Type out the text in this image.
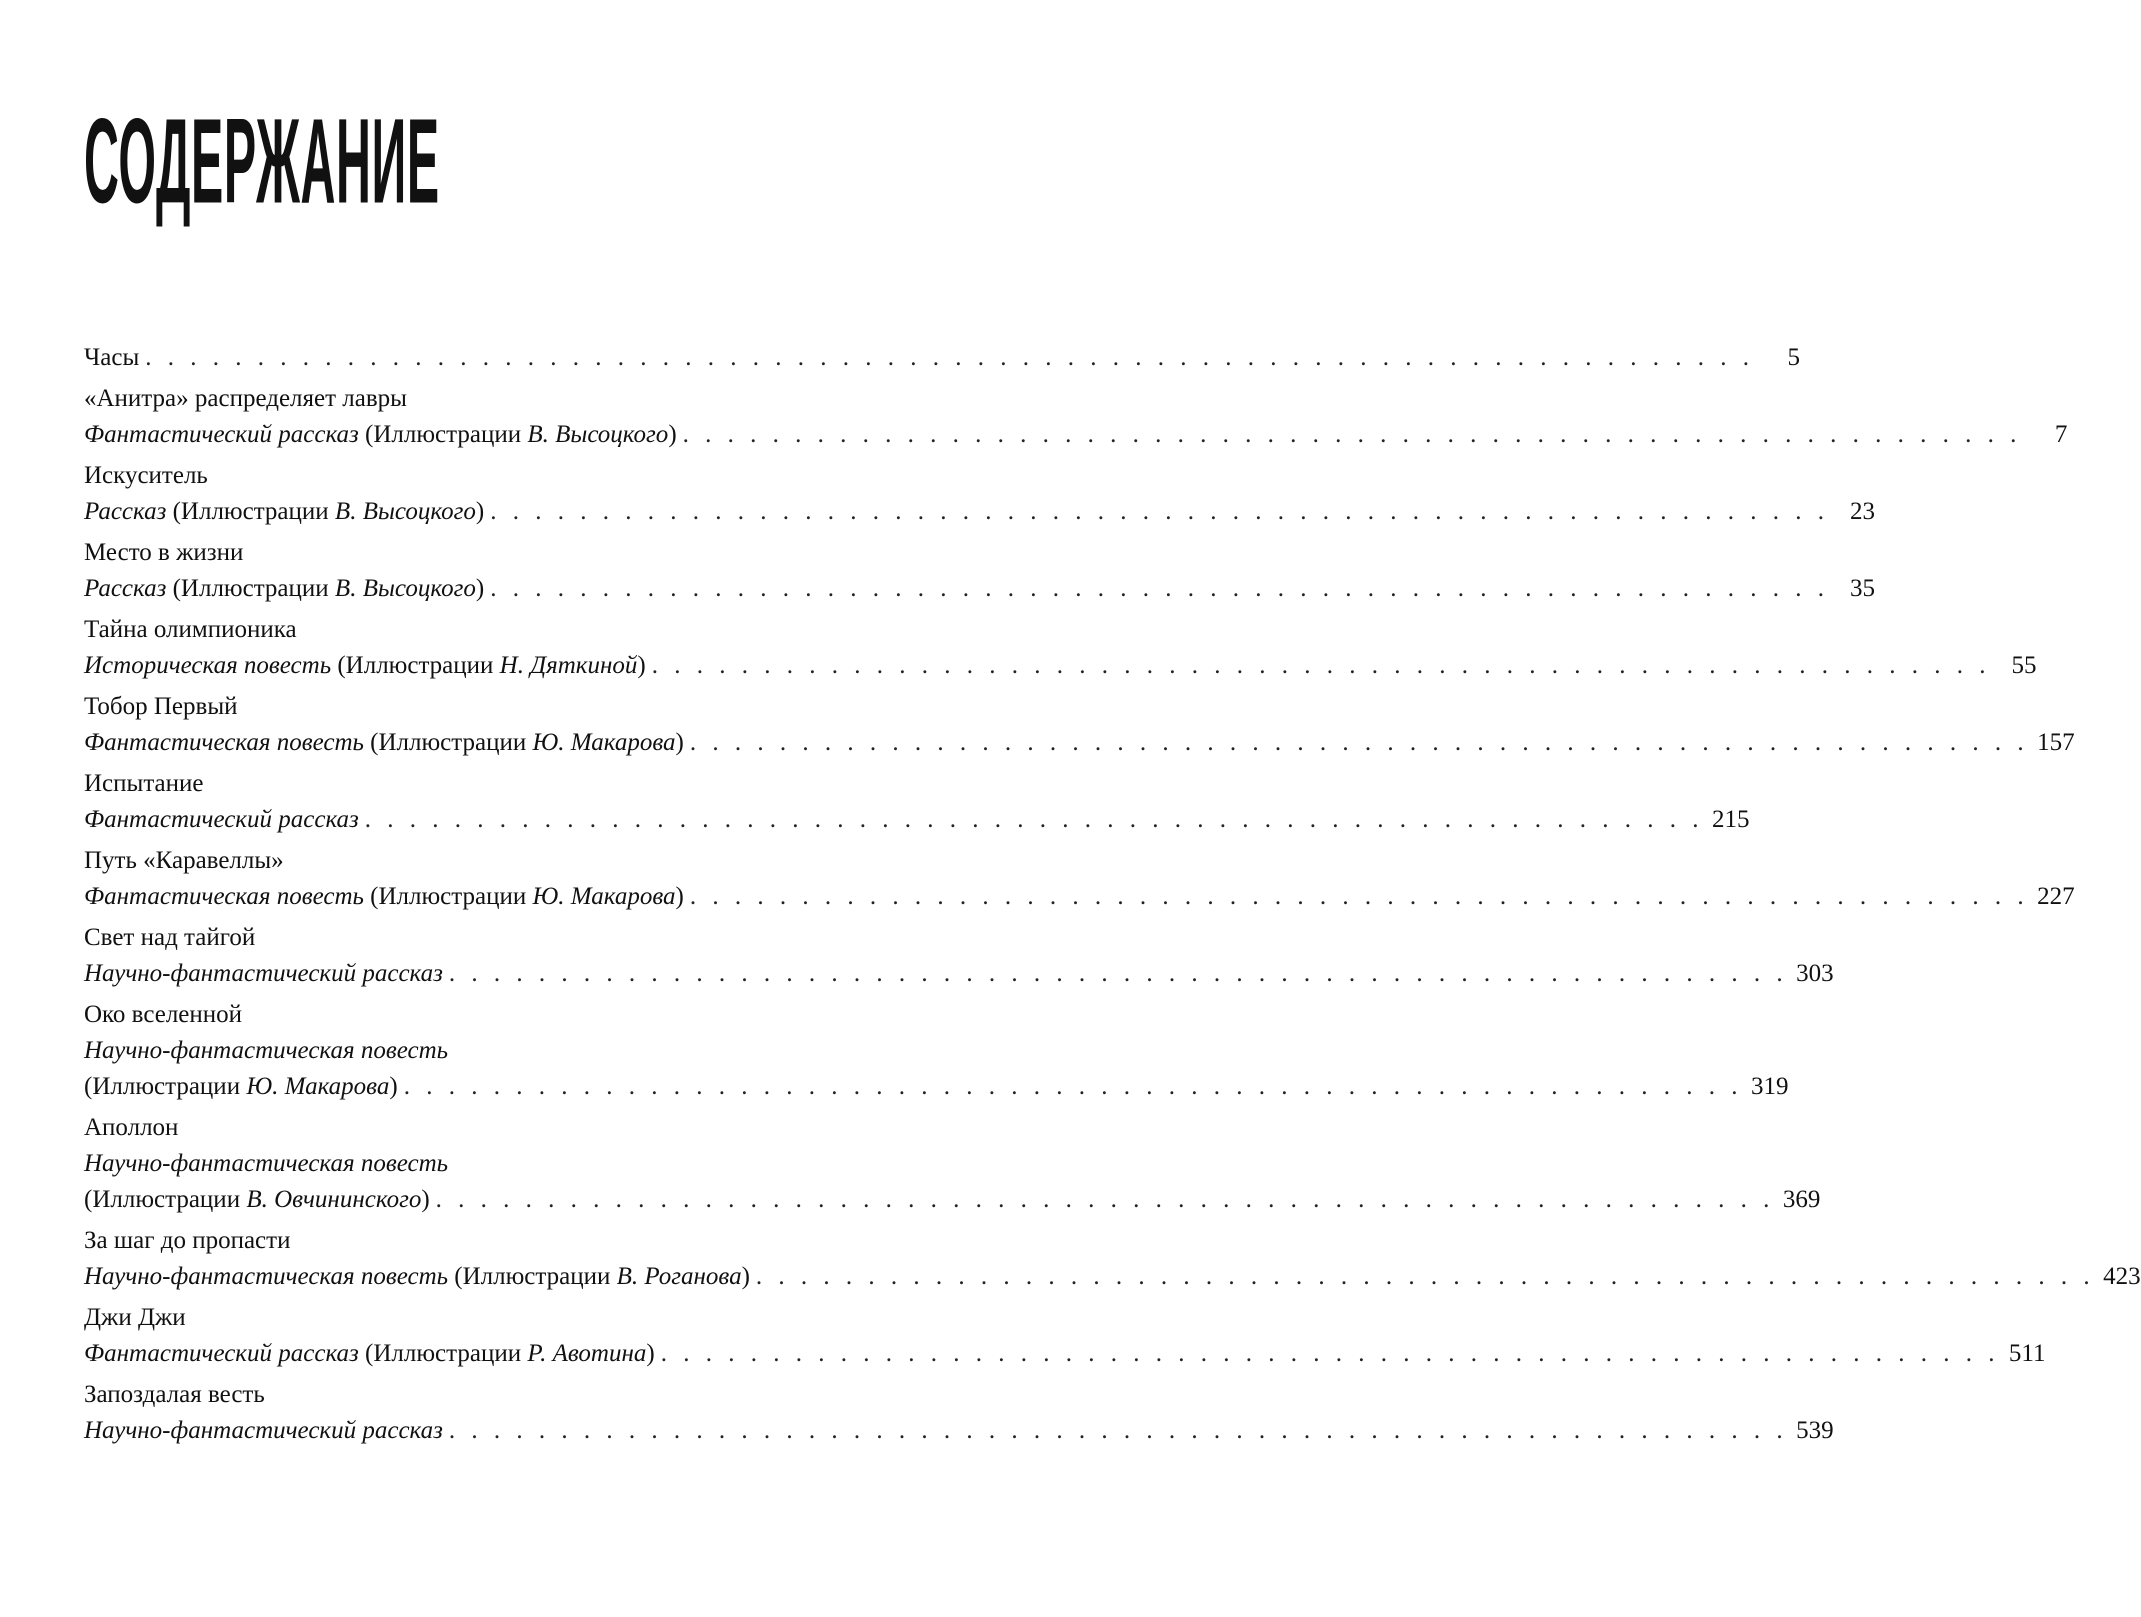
СОДЕРЖАНИЕ
Часы . . . . . . . . . . . . . . . . . . . . . . . . . . . . . . . . . . . . . . . . . . . . . . . . . . . . . . . . . . . . . . . . . . . . . . . .	5
«Анитра» распределяет лавры
Фантастический рассказ (Иллюстрации В. Высоцкого) . . . . . . . . . . . . . . . . . . . . . . . . . . . . . . . . . . . . . . . . . . . . . . . . . . . . . . . . . . . .	7
Искуситель
Рассказ (Иллюстрации В. Высоцкого) . . . . . . . . . . . . . . . . . . . . . . . . . . . . . . . . . . . . . . . . . . . . . . . . . . . . . . . . . . . . 23
Место в жизни
Рассказ (Иллюстрации В. Высоцкого) . . . . . . . . . . . . . . . . . . . . . . . . . . . . . . . . . . . . . . . . . . . . . . . . . . . . . . . . . . . . 35
Тайна олимпионика
Историческая повесть (Иллюстрации Н. Дяткиной) . . . . . . . . . . . . . . . . . . . . . . . . . . . . . . . . . . . . . . . . . . . . . . . . . . . . . . . . . . . . 55
Тобор Первый
Фантастическая повесть (Иллюстрации Ю. Макарова) . . . . . . . . . . . . . . . . . . . . . . . . . . . . . . . . . . . . . . . . . . . . . . . . . . . . . . . . . . . . 157
Испытание
Фантастический рассказ . . . . . . . . . . . . . . . . . . . . . . . . . . . . . . . . . . . . . . . . . . . . . . . . . . . . . . . . . . . . 215
Путь «Каравеллы»
Фантастическая повесть (Иллюстрации Ю. Макарова) . . . . . . . . . . . . . . . . . . . . . . . . . . . . . . . . . . . . . . . . . . . . . . . . . . . . . . . . . . . . 227
Свет над тайгой
Научно-фантастический рассказ . . . . . . . . . . . . . . . . . . . . . . . . . . . . . . . . . . . . . . . . . . . . . . . . . . . . . . . . . . . . 303
Око вселенной
Научно-фантастическая повесть
(Иллюстрации Ю. Макарова) . . . . . . . . . . . . . . . . . . . . . . . . . . . . . . . . . . . . . . . . . . . . . . . . . . . . . . . . . . . . 319
Аполлон
Научно-фантастическая повесть
(Иллюстрации В. Овчининского) . . . . . . . . . . . . . . . . . . . . . . . . . . . . . . . . . . . . . . . . . . . . . . . . . . . . . . . . . . . . 369
За шаг до пропасти
Научно-фантастическая повесть (Иллюстрации В. Роганова) . . . . . . . . . . . . . . . . . . . . . . . . . . . . . . . . . . . . . . . . . . . . . . . . . . . . . . . . . . . . 423
Джи Джи
Фантастический рассказ (Иллюстрации Р. Авотина) . . . . . . . . . . . . . . . . . . . . . . . . . . . . . . . . . . . . . . . . . . . . . . . . . . . . . . . . . . . . 511
Запоздалая весть
Научно-фантастический рассказ . . . . . . . . . . . . . . . . . . . . . . . . . . . . . . . . . . . . . . . . . . . . . . . . . . . . . . . . . . . . 539
